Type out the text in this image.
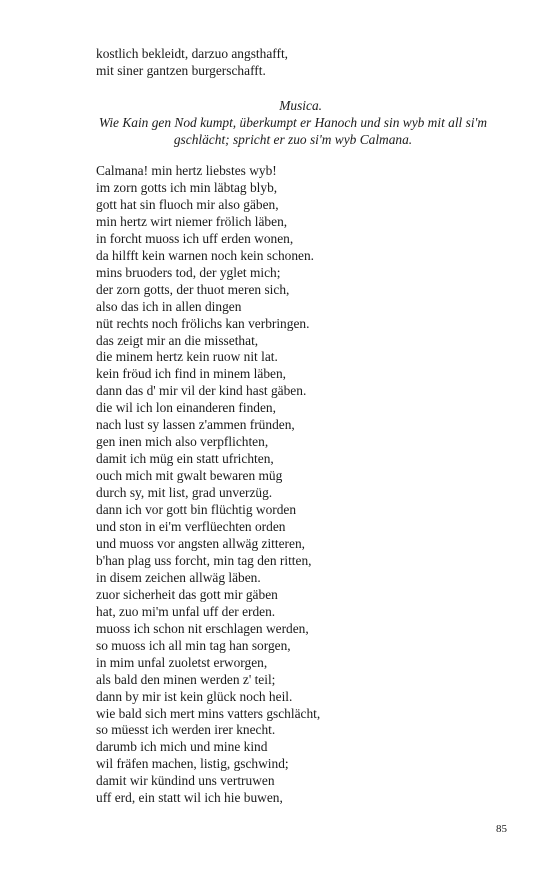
kostlich bekleidt, darzuo angsthafft,
mit siner gantzen burgerschafft.
Musica.
Wie Kain gen Nod kumpt, überkumpt er Hanoch und sin wyb mit all si'm gschlächt; spricht er zuo si'm wyb Calmana.
Calmana! min hertz liebstes wyb!
im zorn gotts ich min läbtag blyb,
gott hat sin fluoch mir also gäben,
min hertz wirt niemer frölich läben,
in forcht muoss ich uff erden wonen,
da hilfft kein warnen noch kein schonen.
mins bruoders tod, der yglet mich;
der zorn gotts, der thuot meren sich,
also das ich in allen dingen
nüt rechts noch frölichs kan verbringen.
das zeigt mir an die missethat,
die minem hertz kein ruow nit lat.
kein fröud ich find in minem läben,
dann das d' mir vil der kind hast gäben.
die wil ich lon einanderen finden,
nach lust sy lassen z'ammen fründen,
gen inen mich also verpflichten,
damit ich müg ein statt ufrichten,
ouch mich mit gwalt bewaren müg
durch sy, mit list, grad unverzüg.
dann ich vor gott bin flüchtig worden
und ston in ei'm verflüechten orden
und muoss vor angsten allwäg zitteren,
b'han plag uss forcht, min tag den ritten,
in disem zeichen allwäg läben.
zuor sicherheit das gott mir gäben
hat, zuo mi'm unfal uff der erden.
muoss ich schon nit erschlagen werden,
so muoss ich all min tag han sorgen,
in mim unfal zuoletst erworgen,
als bald den minen werden z' teil;
dann by mir ist kein glück noch heil.
wie bald sich mert mins vatters gschlächt,
so müesst ich werden irer knecht.
darumb ich mich und mine kind
wil fräfen machen, listig, gschwind;
damit wir kündind uns vertruwen
uff erd, ein statt wil ich hie buwen,
85
